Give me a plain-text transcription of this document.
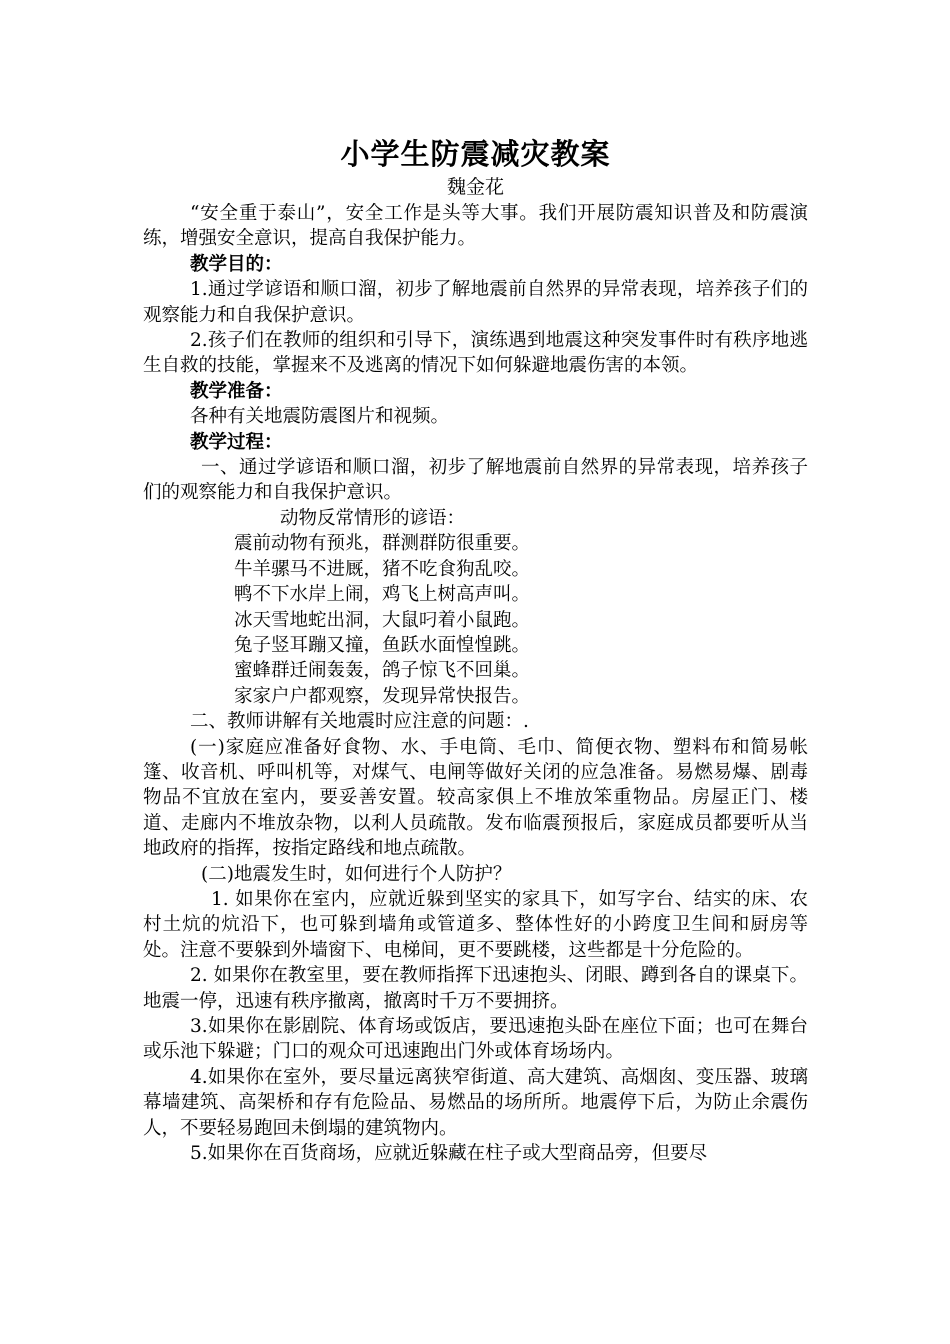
小学生防震减灾教案

魏金花

“安全重于泰山”，安全工作是头等大事。我们开展防震知识普及和防震演练，增强安全意识，提高自我保护能力。

教学目的：

1.通过学谚语和顺口溜，初步了解地震前自然界的异常表现，培养孩子们的观察能力和自我保护意识。

2.孩子们在教师的组织和引导下，演练遇到地震这种突发事件时有秩序地逃生自救的技能，掌握来不及逃离的情况下如何躲避地震伤害的本领。

教学准备：

各种有关地震防震图片和视频。

教学过程：

一、通过学谚语和顺口溜，初步了解地震前自然界的异常表现，培养孩子们的观察能力和自我保护意识。

动物反常情形的谚语：

震前动物有预兆，群测群防很重要。

牛羊骡马不进厩，猪不吃食狗乱咬。

鸭不下水岸上闹，鸡飞上树高声叫。

冰天雪地蛇出洞，大鼠叼着小鼠跑。

兔子竖耳蹦又撞，鱼跃水面惶惶跳。

蜜蜂群迁闹轰轰，鸽子惊飞不回巢。

家家户户都观察，发现异常快报告。

二、教师讲解有关地震时应注意的问题：.

(一)家庭应准备好食物、水、手电筒、毛巾、简便衣物、塑料布和简易帐篷、收音机、呼叫机等，对煤气、电闸等做好关闭的应急准备。易燃易爆、剧毒物品不宜放在室内，要妥善安置。较高家俱上不堆放笨重物品。房屋正门、楼道、走廊内不堆放杂物，以利人员疏散。发布临震预报后，家庭成员都要听从当地政府的指挥，按指定路线和地点疏散。

(二)地震发生时，如何进行个人防护？

1. 如果你在室内，应就近躲到坚实的家具下，如写字台、结实的床、农村土炕的炕沿下，也可躲到墙角或管道多、整体性好的小跨度卫生间和厨房等处。注意不要躲到外墙窗下、电梯间，更不要跳楼，这些都是十分危险的。

2. 如果你在教室里，要在教师指挥下迅速抱头、闭眼、蹲到各自的课桌下。地震一停，迅速有秩序撤离，撤离时千万不要拥挤。

3.如果你在影剧院、体育场或饭店，要迅速抱头卧在座位下面；也可在舞台或乐池下躲避；门口的观众可迅速跑出门外或体育场场内。

4.如果你在室外，要尽量远离狭窄街道、高大建筑、高烟囱、变压器、玻璃幕墙建筑、高架桥和存有危险品、易燃品的场所所。地震停下后，为防止余震伤人，不要轻易跑回未倒塌的建筑物内。

5.如果你在百货商场，应就近躲藏在柱子或大型商品旁，但要尽
